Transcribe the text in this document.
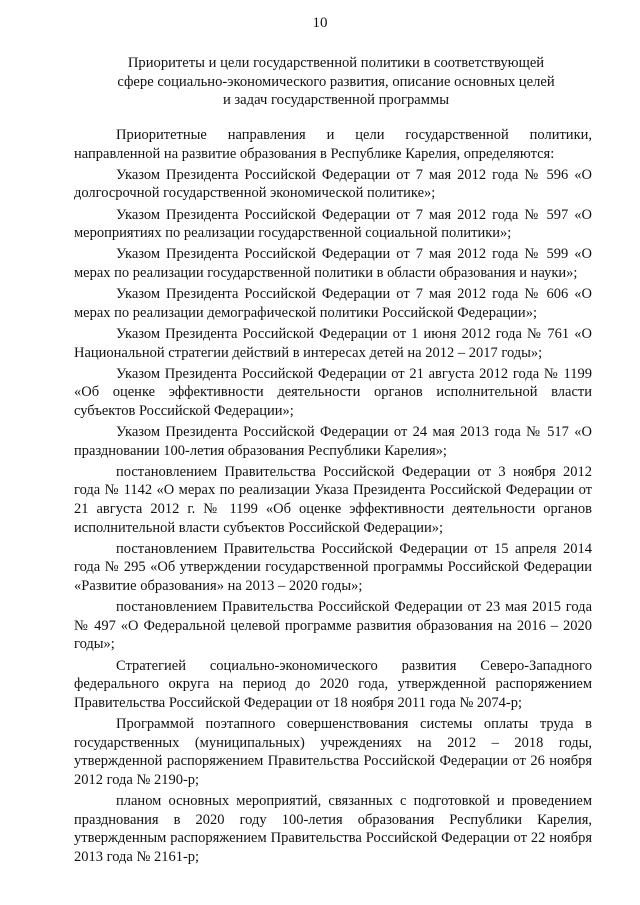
10
Приоритеты и цели государственной политики в соответствующей
сфере социально-экономического развития, описание основных целей
и задач государственной программы

Приоритетные направления и цели государственной политики, направленной на развитие образования в Республике Карелия, определяются:

Указом Президента Российской Федерации от 7 мая 2012 года № 596 «О долгосрочной государственной экономической политике»;

Указом Президента Российской Федерации от 7 мая 2012 года № 597 «О мероприятиях по реализации государственной социальной политики»;

Указом Президента Российской Федерации от 7 мая 2012 года № 599 «О мерах по реализации государственной политики в области образования и науки»;

Указом Президента Российской Федерации от 7 мая 2012 года № 606 «О мерах по реализации демографической политики Российской Федерации»;

Указом Президента Российской Федерации от 1 июня 2012 года № 761 «О Национальной стратегии действий в интересах детей на 2012 – 2017 годы»;

Указом Президента Российской Федерации от 21 августа 2012 года № 1199 «Об оценке эффективности деятельности органов исполнительной власти субъектов Российской Федерации»;

Указом Президента Российской Федерации от 24 мая 2013 года № 517 «О праздновании 100-летия образования Республики Карелия»;

постановлением Правительства Российской Федерации от 3 ноября 2012 года № 1142 «О мерах по реализации Указа Президента Российской Федерации от 21 августа 2012 г. № 1199 «Об оценке эффективности деятельности органов исполнительной власти субъектов Российской Федерации»;

постановлением Правительства Российской Федерации от 15 апреля 2014 года № 295 «Об утверждении государственной программы Российской Федерации «Развитие образования» на 2013 – 2020 годы»;

постановлением Правительства Российской Федерации от 23 мая 2015 года № 497 «О Федеральной целевой программе развития образования на 2016 – 2020 годы»;

Стратегией социально-экономического развития Северо-Западного федерального округа на период до 2020 года, утвержденной распоряжением Правительства Российской Федерации от 18 ноября 2011 года № 2074-р;

Программой поэтапного совершенствования системы оплаты труда в государственных (муниципальных) учреждениях на 2012 – 2018 годы, утвержденной распоряжением Правительства Российской Федерации от 26 ноября 2012 года № 2190-р;

планом основных мероприятий, связанных с подготовкой и проведением празднования в 2020 году 100-летия образования Республики Карелия, утвержденным распоряжением Правительства Российской Федерации от 22 ноября 2013 года № 2161-р;
